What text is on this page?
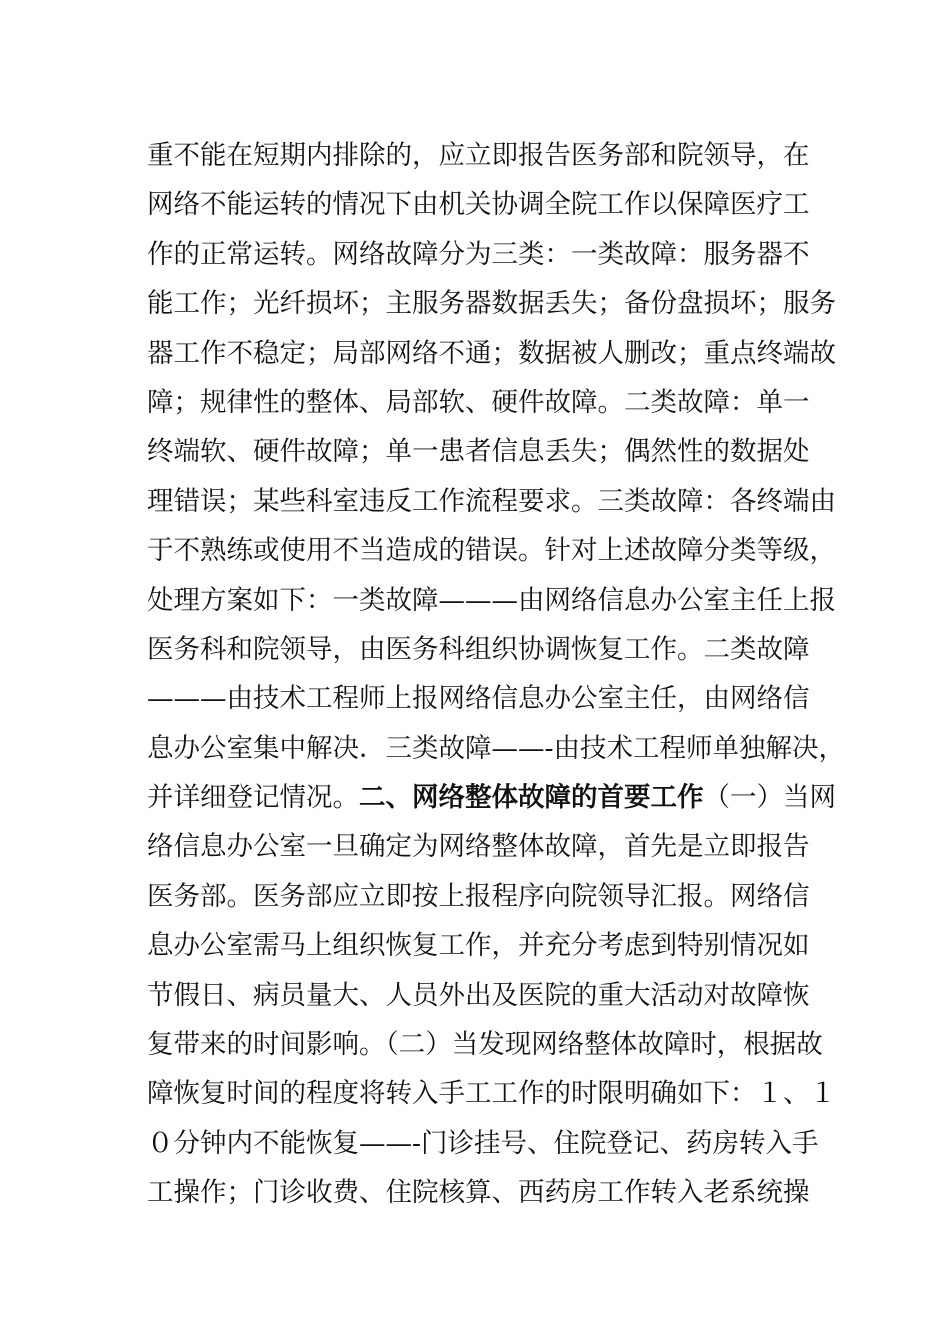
重不能在短期内排除的，应立即报告医务部和院领导，在
网络不能运转的情况下由机关协调全院工作以保障医疗工
作的正常运转。网络故障分为三类：一类故障：服务器不
能工作；光纤损坏；主服务器数据丢失；备份盘损坏；服务
器工作不稳定；局部网络不通；数据被人删改；重点终端故
障；规律性的整体、局部软、硬件故障。二类故障：单一
终端软、硬件故障；单一患者信息丢失；偶然性的数据处
理错误；某些科室违反工作流程要求。三类故障：各终端由
于不熟练或使用不当造成的错误。针对上述故障分类等级，
处理方案如下：一类故障———由网络信息办公室主任上报
医务科和院领导，由医务科组织协调恢复工作。二类故障
———由技术工程师上报网络信息办公室主任，由网络信
息办公室集中解决．三类故障——-由技术工程师单独解决，
并详细登记情况。二、网络整体故障的首要工作（一）当网
络信息办公室一旦确定为网络整体故障，首先是立即报告
医务部。医务部应立即按上报程序向院领导汇报。网络信
息办公室需马上组织恢复工作，并充分考虑到特别情况如
节假日、病员量大、人员外出及医院的重大活动对故障恢
复带来的时间影响。（二）当发现网络整体故障时，根据故
障恢复时间的程度将转入手工工作的时限明确如下：１、１
０分钟内不能恢复——-门诊挂号、住院登记、药房转入手
工操作；门诊收费、住院核算、西药房工作转入老系统操
